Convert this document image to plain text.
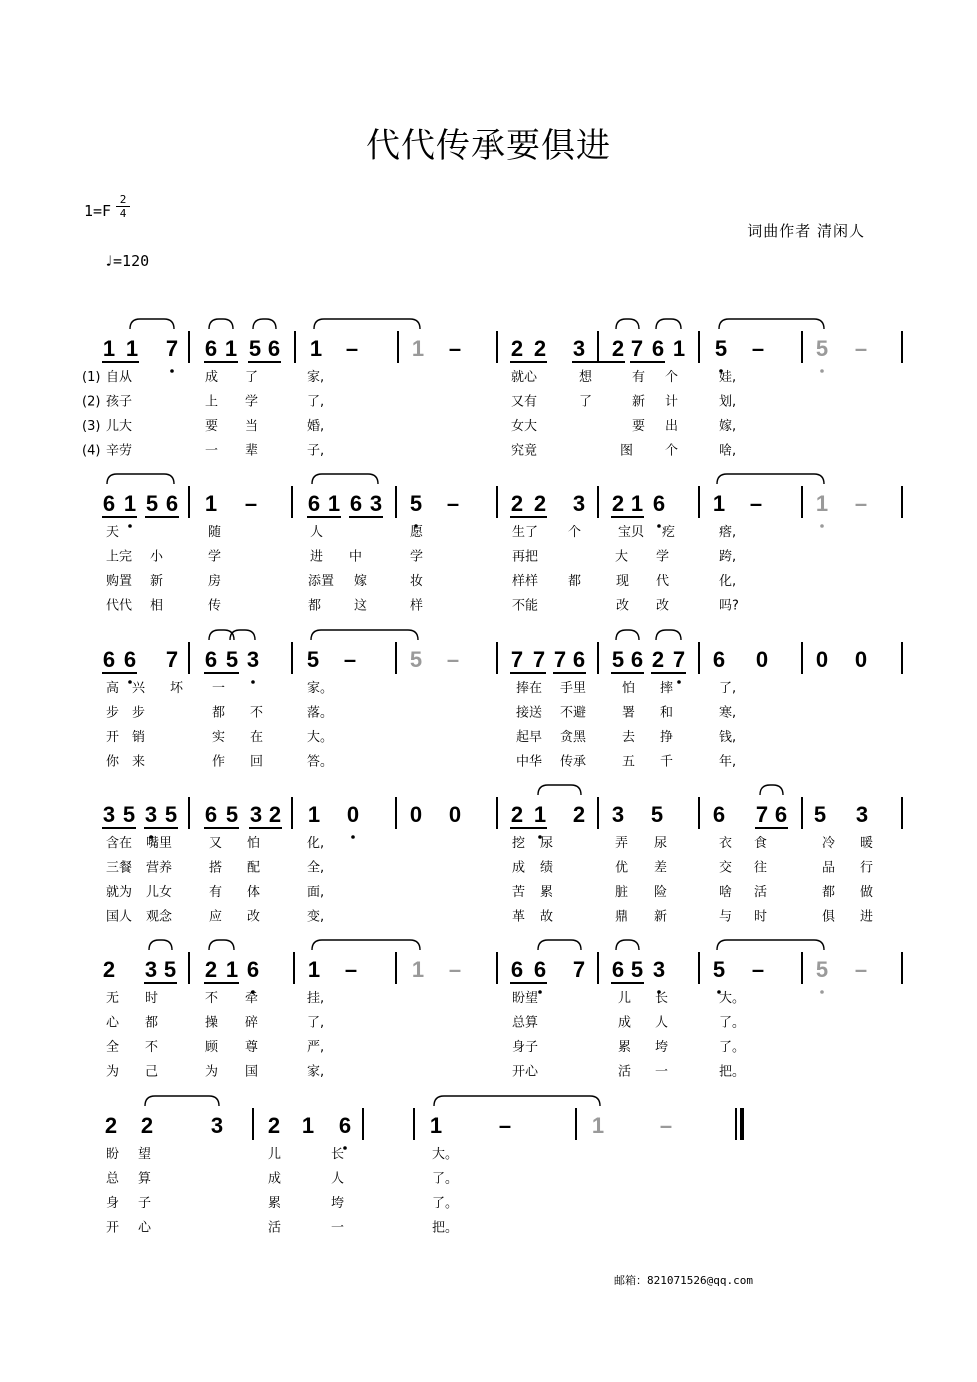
代代传承要俱进
$1=F \frac{2}{4}$
♩=120
词曲作者 清闲人
邮箱：821071526@qq.com
1 1 7 6 1 5 6 1 – 1 – 2 2 3 2 7 6 1 5 – 5 –
自从	成 了	家,	就心	想	有 个	娃,
孩子	上 学	了,	又有	了	新 计	划,
儿大	要 当	婚,	女大	要 出	嫁,
辛劳	一 辈	子,	究竟	图 个	啥,
6 1 5 6 1 – 6 1 6 3 5 – 2 2 3 2 1 6 1 – 1 –
天	随	人	愿	生了 个	宝贝 疙	瘩,
上完 小	学	进 中	学	再把	大 学	跨,
购置 新	房	添置 嫁	妆	样样 都	现 代	化,
代代 相	传	都	这	样	不能	改 改	吗?
6 6 7 6 5 3 5 – 5 – 7 7 7 6 5 6 2 7 6 0 0 0
高 兴 坏 一	家。	捧在 手里	怕 摔	了,
步 步	都 不	落。	接送 不避	署 和	寒,
开 销	实 在	大。	起早 贪黑	去 挣	钱,
你 来	作 回	答。	中华 传承	五 千	年,
3 5 3 5 6 5 3 2 1 0 0 0 2 1 2 3 5 6 7 6 5 3
含在 嘴里	又 怕	化,	挖 尿	弄 尿	衣 食	冷 暖
三餐 营养	搭 配	全,	成 绩	优 差	交 往	品 行
就为 儿女	有 体	面,	苦 累	脏 险	啥 活	都 做
国人 观念	应 改	变,	革 故	鼎 新	与 时	俱 进
2 3 5 2 1 6 1 – 1 – 6 6 7 6 5 3 5 – 5 –
无 时	不 牵	挂,	盼望	儿 长	大。
心 都	操 碎	了,	总算	成 人	了。
全 不	顾 尊	严,	身子	累 垮	了。
为 己	为 国	家,	开心	活 一	把。
2 2	3 2 1 6	1	–	1	–
盼 望	儿	长	大。
总 算	成	人	了。
身 子	累	垮	了。
开 心	活	一	把。
(1)
(2)
(3)
(4)
